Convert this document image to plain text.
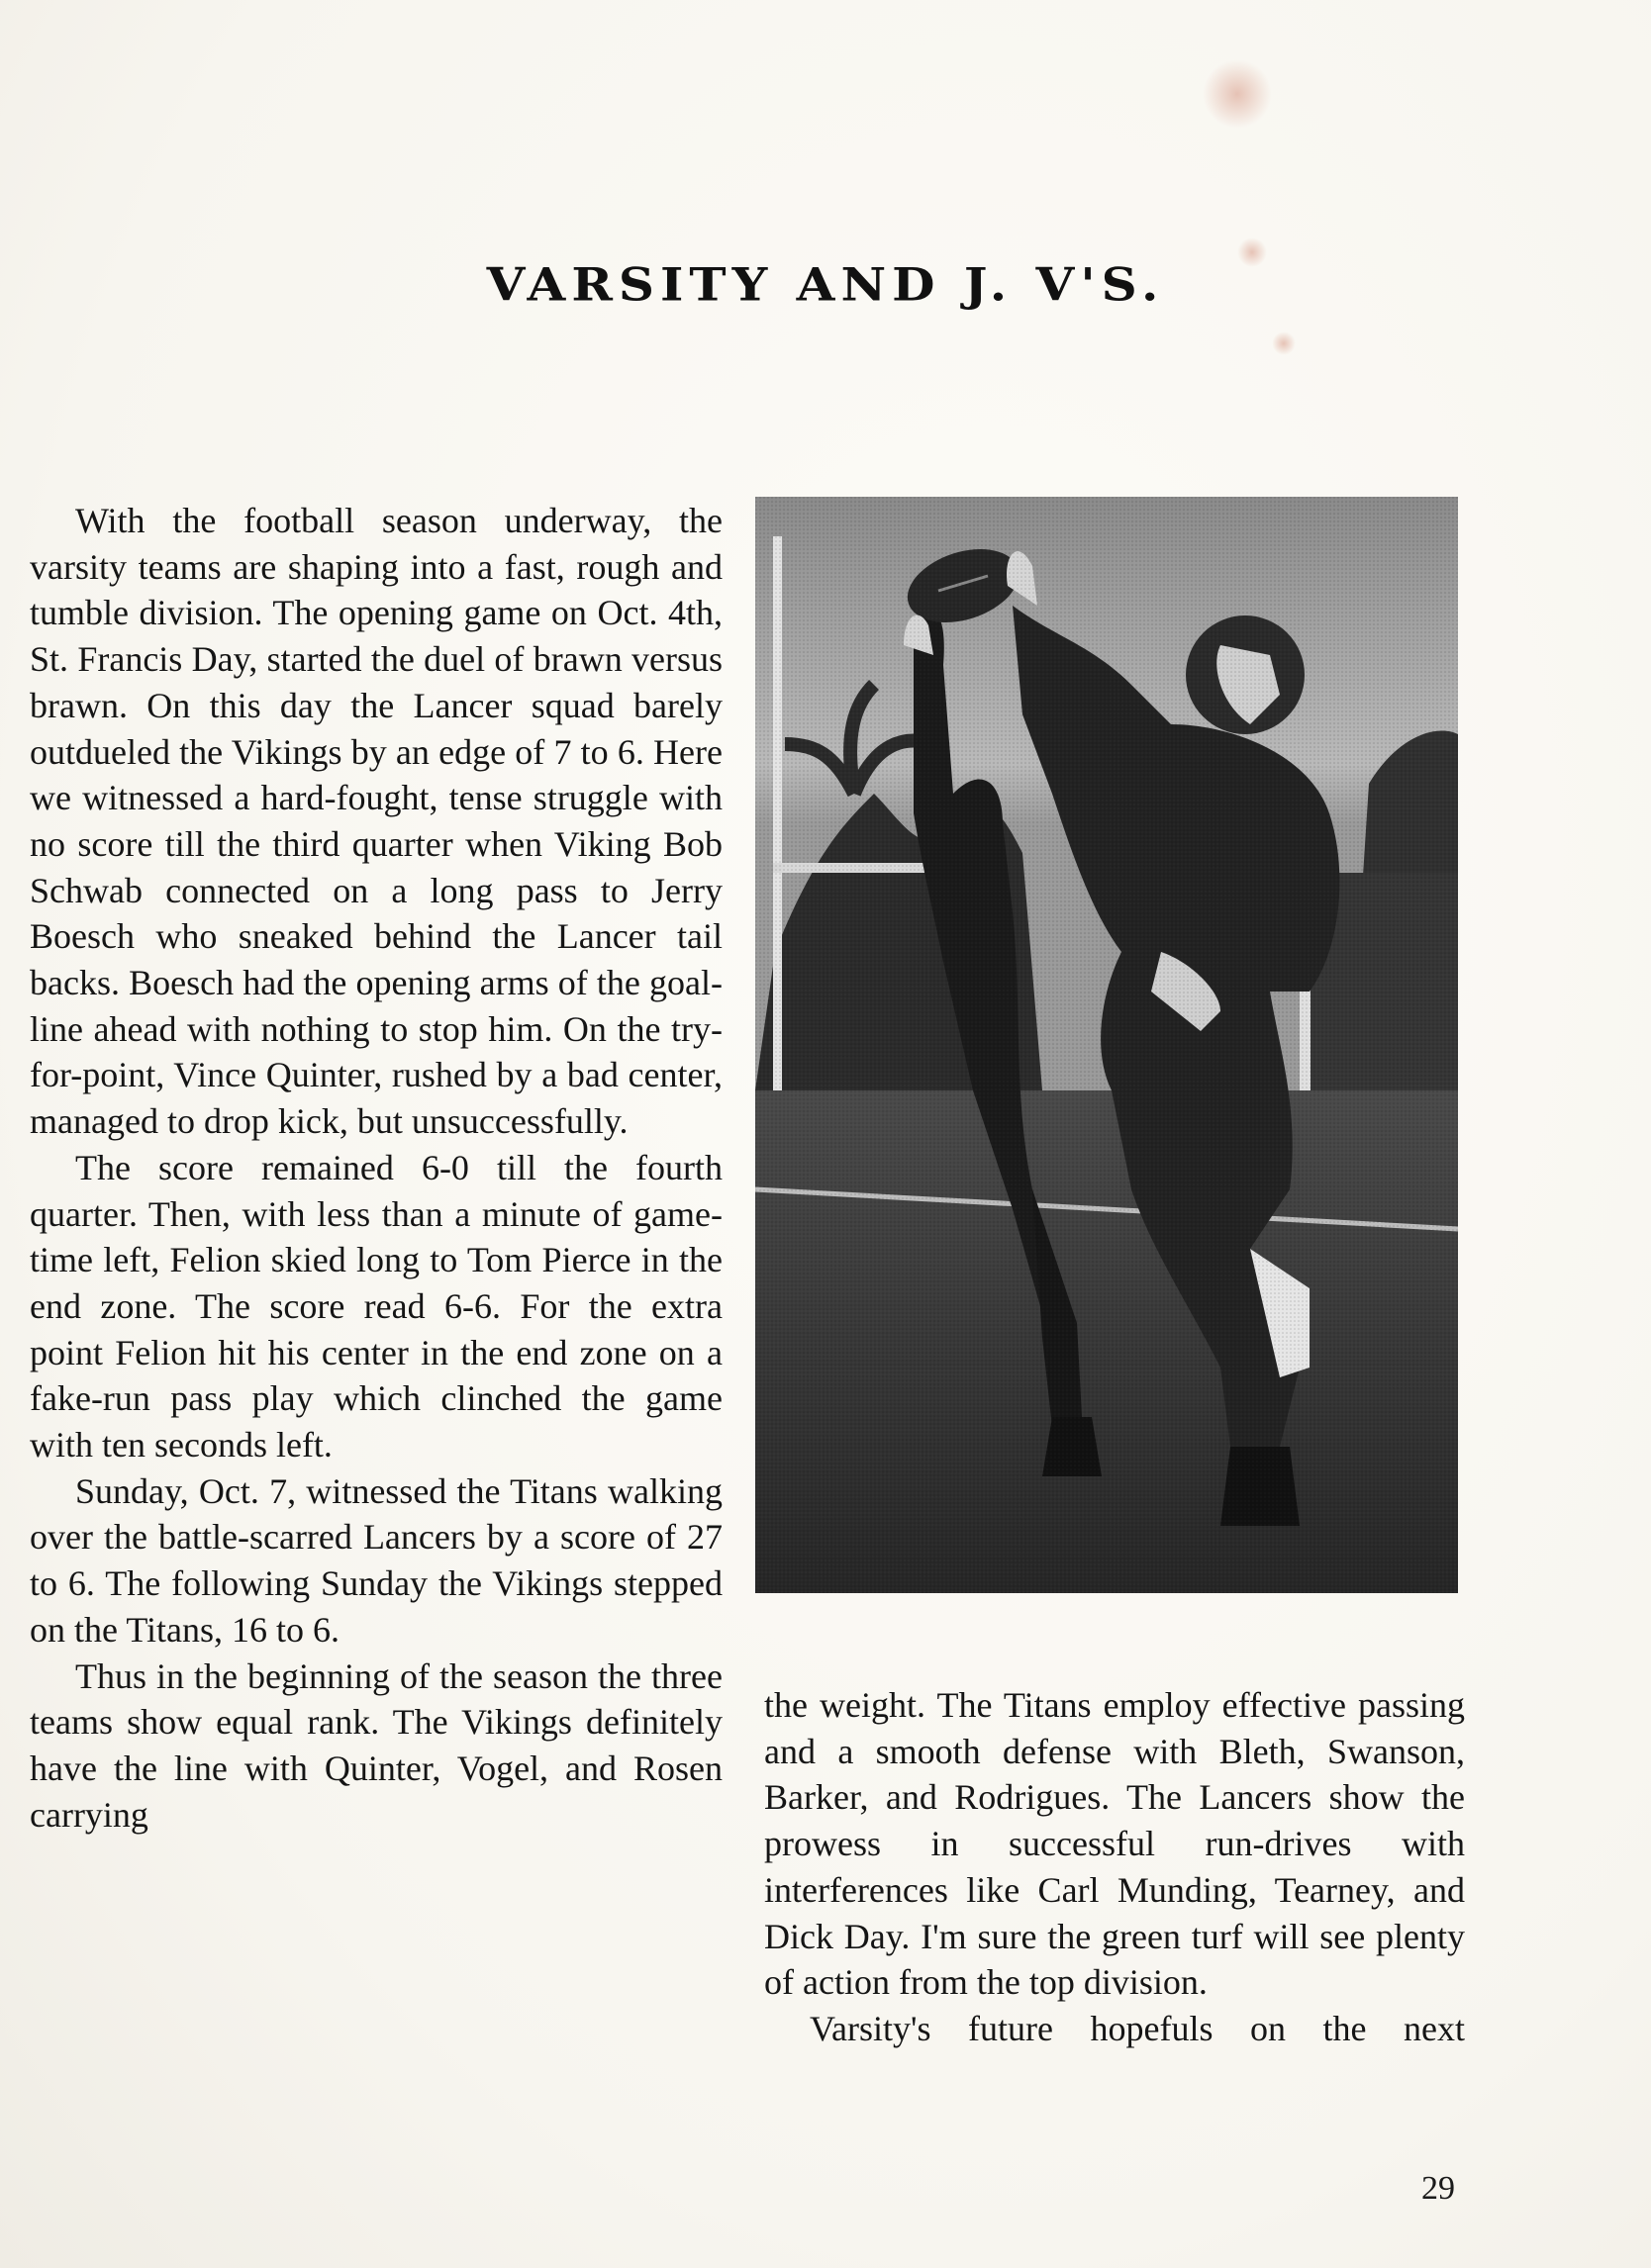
VARSITY AND J. V'S.

With the football season underway, the varsity teams are shaping into a fast, rough and tumble division. The opening game on Oct. 4th, St. Francis Day, started the duel of brawn versus brawn. On this day the Lancer squad barely outdueled the Vikings by an edge of 7 to 6. Here we witnessed a hard-fought, tense struggle with no score till the third quarter when Viking Bob Schwab connected on a long pass to Jerry Boesch who sneaked behind the Lancer tail backs. Boesch had the opening arms of the goal-line ahead with nothing to stop him. On the try-for-point, Vince Quinter, rushed by a bad center, managed to drop kick, but unsuccessfully.

The score remained 6-0 till the fourth quarter. Then, with less than a minute of game-time left, Felion skied long to Tom Pierce in the end zone. The score read 6-6. For the extra point Felion hit his center in the end zone on a fake-run pass play which clinched the game with ten seconds left.

Sunday, Oct. 7, witnessed the Titans walking over the battle-scarred Lancers by a score of 27 to 6. The following Sunday the Vikings stepped on the Titans, 16 to 6.

Thus in the beginning of the season the three teams show equal rank. The Vikings definitely have the line with Quinter, Vogel, and Rosen carrying

the weight. The Titans employ effective passing and a smooth defense with Bleth, Swanson, Barker, and Rodrigues. The Lancers show the prowess in successful run-drives with interferences like Carl Munding, Tearney, and Dick Day. I'm sure the green turf will see plenty of action from the top division.

Varsity's future hopefuls on the next

29
